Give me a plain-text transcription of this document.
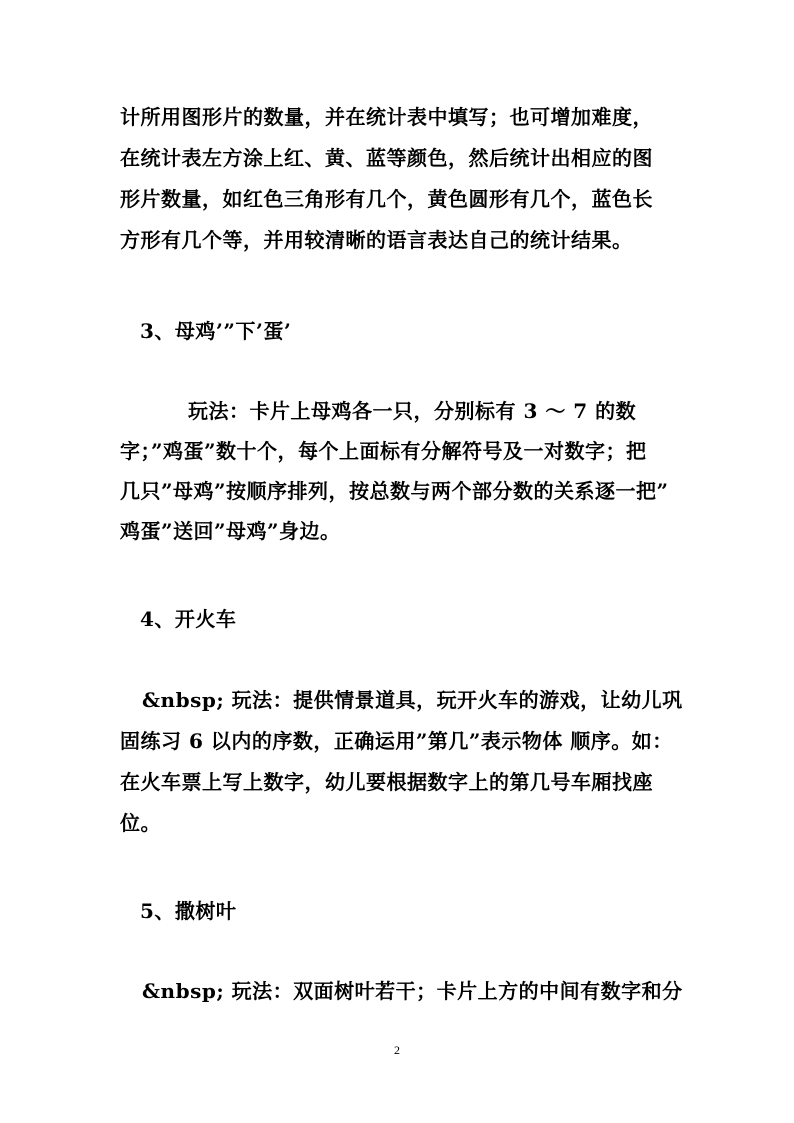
计所用图形片的数量，并在统计表中填写；也可增加难度，
在统计表左方涂上红、黄、蓝等颜色，然后统计出相应的图
形片数量，如红色三角形有几个，黄色圆形有几个，蓝色长
方形有几个等，并用较清晰的语言表达自己的统计结果。
3、母鸡’”下’蛋’
玩法：卡片上母鸡各一只，分别标有 3 ～ 7 的数
字；”鸡蛋”数十个，每个上面标有分解符号及一对数字；把
几只”母鸡”按顺序排列，按总数与两个部分数的关系逐一把”
鸡蛋”送回”母鸡”身边。
4、开火车
&nbsp; 玩法：提供情景道具，玩开火车的游戏，让幼儿巩
固练习 6 以内的序数，正确运用”第几”表示物体 顺序。如：
在火车票上写上数字，幼儿要根据数字上的第几号车厢找座
位。
5、撒树叶
&nbsp; 玩法：双面树叶若干；卡片上方的中间有数字和分
2
